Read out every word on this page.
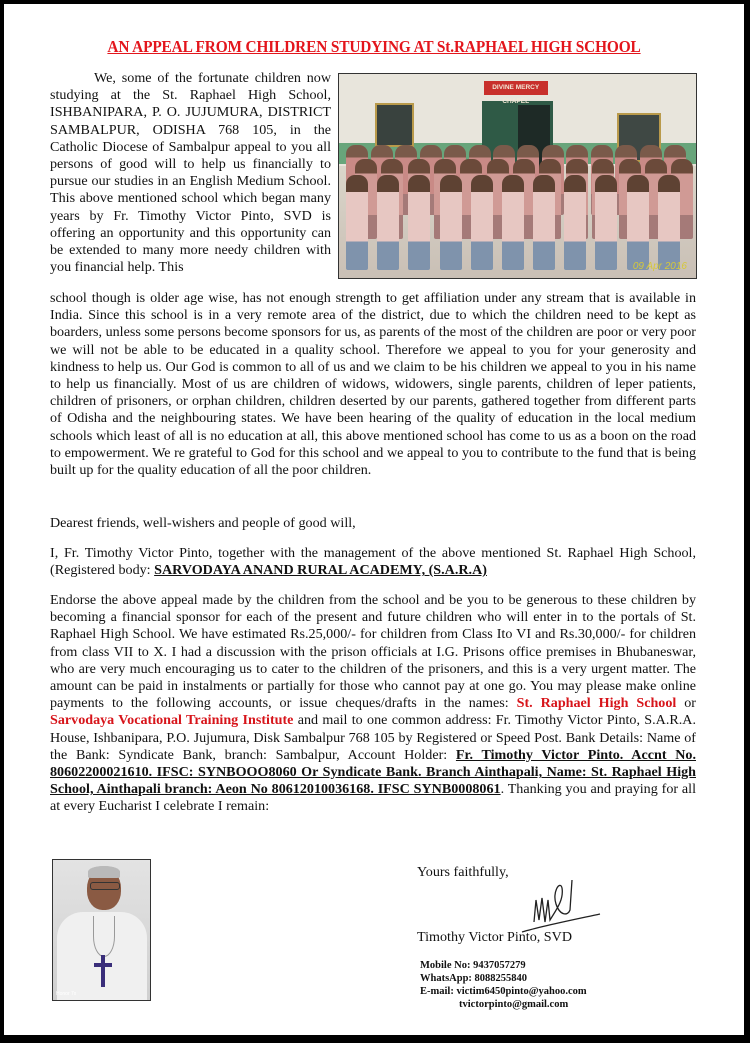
AN APPEAL FROM CHILDREN STUDYING AT St.RAPHAEL HIGH SCHOOL

We, some of the fortunate children now studying at the St. Raphael High School, ISHBANIPARA, P. O. JUJUMURA, DISTRICT SAMBALPUR, ODISHA 768 105, in the Catholic Diocese of Sambalpur appeal to you all persons of good will to help us financially to pursue our studies in an English Medium School. This above mentioned school which began many years by Fr. Timothy Victor Pinto, SVD is offering an opportunity and this opportunity can be extended to many more needy children with you financial help. This

DIVINE MERCY CHAPEL
09 Apr 2016

school though is older age wise, has not enough strength to get affiliation under any stream that is available in India. Since this school is in a very remote area of the district, due to which the children need to be kept as boarders, unless some persons become sponsors for us, as parents of the most of the children are poor or very poor we will not be able to be educated in a quality school. Therefore we appeal to you for your generosity and kindness to help us. Our God is common to all of us and we claim to be his children we appeal to you in his name to help us financially. Most of us are children of widows, widowers, single parents, children of leper patients, children of prisoners, or orphan children, children deserted by our parents, gathered together from different parts of Odisha and the neighbouring states. We have been hearing of the quality of education in the local medium schools which least of all is no education at all, this above mentioned school has come to us as a boon on the road to empowerment. We re grateful to God for this school and we appeal to you to contribute to the fund that is being built up for the quality education of all the poor children.

Dearest friends, well-wishers and people of good will,

I, Fr. Timothy Victor Pinto, together with the management of the above mentioned St. Raphael High School, (Registered body: SARVODAYA ANAND RURAL ACADEMY, (S.A.R.A)

Endorse the above appeal made by the children from the school and be you to be generous to these children by becoming a financial sponsor for each of the present and future children who will enter in to the portals of St. Raphael High School. We have estimated Rs.25,000/- for children from Class Ito VI and Rs.30,000/- for children from class VII to X. I had a discussion with the prison officials at I.G. Prisons office premises in Bhubaneswar, who are very much encouraging us to cater to the children of the prisoners, and this is a very urgent matter. The amount can be paid in instalments or partially for those who cannot pay at one go. You may please make online payments to the following accounts, or issue cheques/drafts in the names: St. Raphael High School or Sarvodaya Vocational Training Institute and mail to one common address: Fr. Timothy Victor Pinto, S.A.R.A. House, Ishbanipara, P.O. Jujumura, Disk Sambalpur 768 105 by Registered or Speed Post. Bank Details: Name of the Bank: Syndicate Bank, branch: Sambalpur, Account Holder: Fr. Timothy Victor Pinto. Accnt No. 80602200021610. IFSC: SYNBOOO8060 Or Syndicate Bank. Branch Ainthapali, Name: St. Raphael High School, Ainthapali branch: Aeon No 80612010036168. IFSC SYNB0008061. Thanking you and praying for all at every Eucharist I celebrate I remain:

Honor 7x
Yours faithfully,
Timothy Victor Pinto, SVD
Mobile No: 9437057279
WhatsApp: 8088255840
E-mail: victim6450pinto@yahoo.com
tvictorpinto@gmail.com
